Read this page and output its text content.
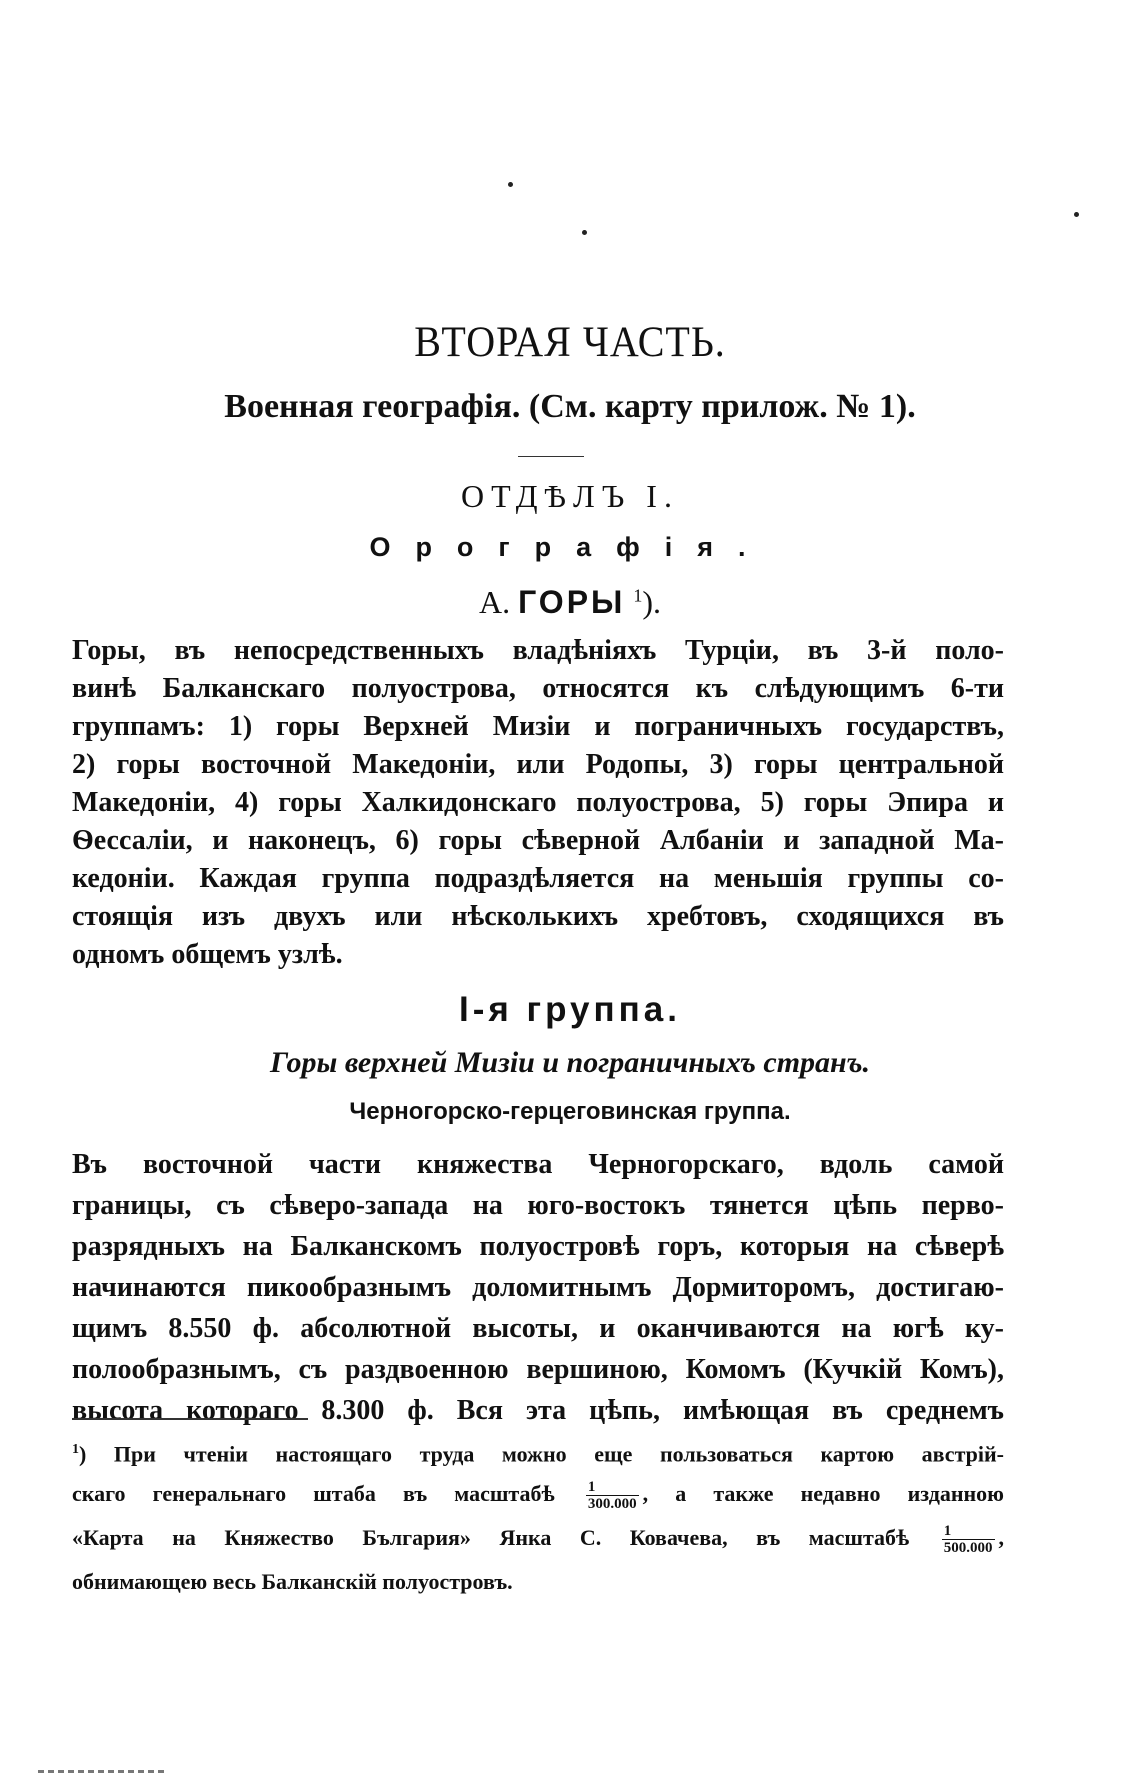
ВТОРАЯ ЧАСТЬ.
Военная географія. (См. карту прилож. № 1).
ОТДѢЛЪ I.
Орографія.
А. ГОРЫ $^1$).
Горы, въ непосредственныхъ владѣніяхъ Турціи, въ 3-й поло-
винѣ Балканскаго полуострова, относятся къ слѣдующимъ 6-ти
группамъ: 1) горы Верхней Мизіи и пограничныхъ государствъ,
2) горы восточной Македоніи, или Родопы, 3) горы центральной
Македоніи, 4) горы Халкидонскаго полуострова, 5) горы Эпира и
Ѳессаліи, и наконецъ, 6) горы сѣверной Албаніи и западной Ма-
кедоніи. Каждая группа подраздѣляется на меньшія группы со-
стоящія изъ двухъ или нѣсколькихъ хребтовъ, сходящихся въ
одномъ общемъ узлѣ.
І-я группа.
Горы верхней Мизіи и пограничныхъ странъ.
Черногорско-герцеговинская группа.
Въ восточной части княжества Черногорскаго, вдоль самой
границы, съ сѣверо-запада на юго-востокъ тянется цѣпь перво-
разрядныхъ на Балканскомъ полуостровѣ горъ, которыя на сѣверѣ
начинаются пикообразнымъ доломитнымъ Дормиторомъ, достигаю-
щимъ 8.550 ф. абсолютной высоты, и оканчиваются на югѣ ку-
полообразнымъ, съ раздвоенною вершиною, Комомъ (Кучкій Комъ),
высота котораго 8.300 ф. Вся эта цѣпь, имѣющая въ среднемъ
$^1$) При чтеніи настоящаго труда можно еще пользоваться картою австрій-
скаго генеральнаго штаба въ масштабѣ $\frac{1}{300.000}$ , а также недавно изданною
«Карта на Княжество България» Янка С. Ковачева, въ масштабѣ $\frac{1}{500.000}$ ,
обнимающею весь Балканскій полуостровъ.
